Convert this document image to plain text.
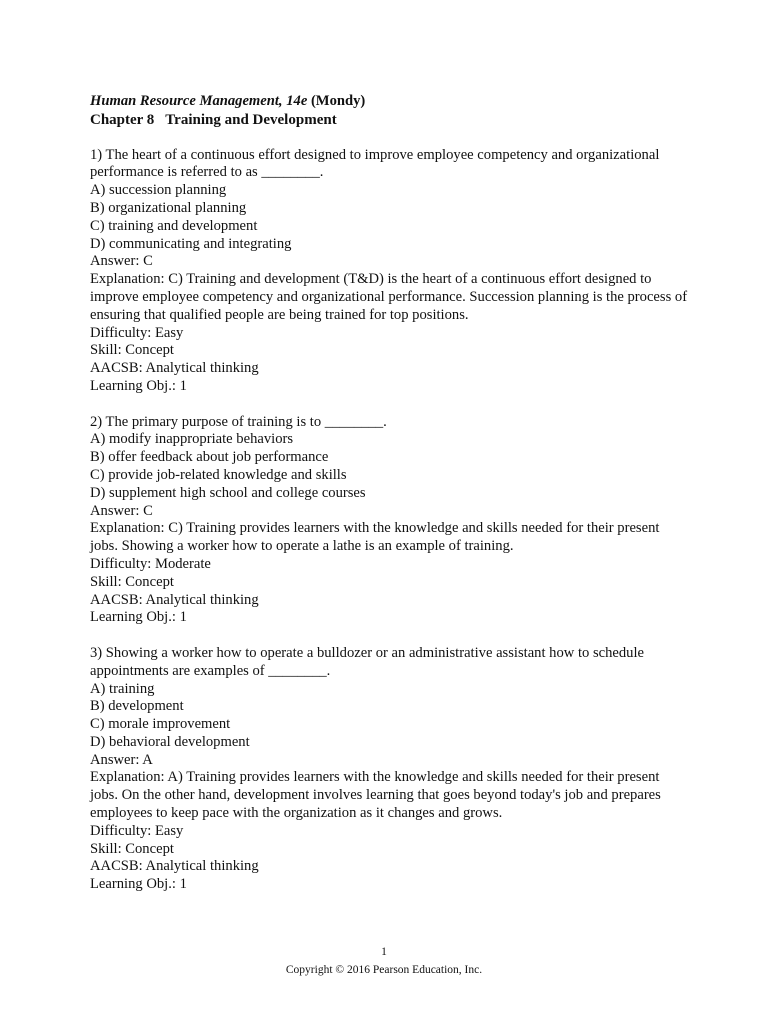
Human Resource Management, 14e (Mondy)
Chapter 8   Training and Development
1) The heart of a continuous effort designed to improve employee competency and organizational performance is referred to as ________.
A) succession planning
B) organizational planning
C) training and development
D) communicating and integrating
Answer: C
Explanation: C) Training and development (T&D) is the heart of a continuous effort designed to improve employee competency and organizational performance. Succession planning is the process of ensuring that qualified people are being trained for top positions.
Difficulty: Easy
Skill: Concept
AACSB: Analytical thinking
Learning Obj.: 1
2) The primary purpose of training is to ________.
A) modify inappropriate behaviors
B) offer feedback about job performance
C) provide job-related knowledge and skills
D) supplement high school and college courses
Answer: C
Explanation: C) Training provides learners with the knowledge and skills needed for their present jobs. Showing a worker how to operate a lathe is an example of training.
Difficulty: Moderate
Skill: Concept
AACSB: Analytical thinking
Learning Obj.: 1
3) Showing a worker how to operate a bulldozer or an administrative assistant how to schedule appointments are examples of ________.
A) training
B) development
C) morale improvement
D) behavioral development
Answer: A
Explanation: A) Training provides learners with the knowledge and skills needed for their present jobs. On the other hand, development involves learning that goes beyond today's job and prepares employees to keep pace with the organization as it changes and grows.
Difficulty: Easy
Skill: Concept
AACSB: Analytical thinking
Learning Obj.: 1
1
Copyright © 2016 Pearson Education, Inc.
